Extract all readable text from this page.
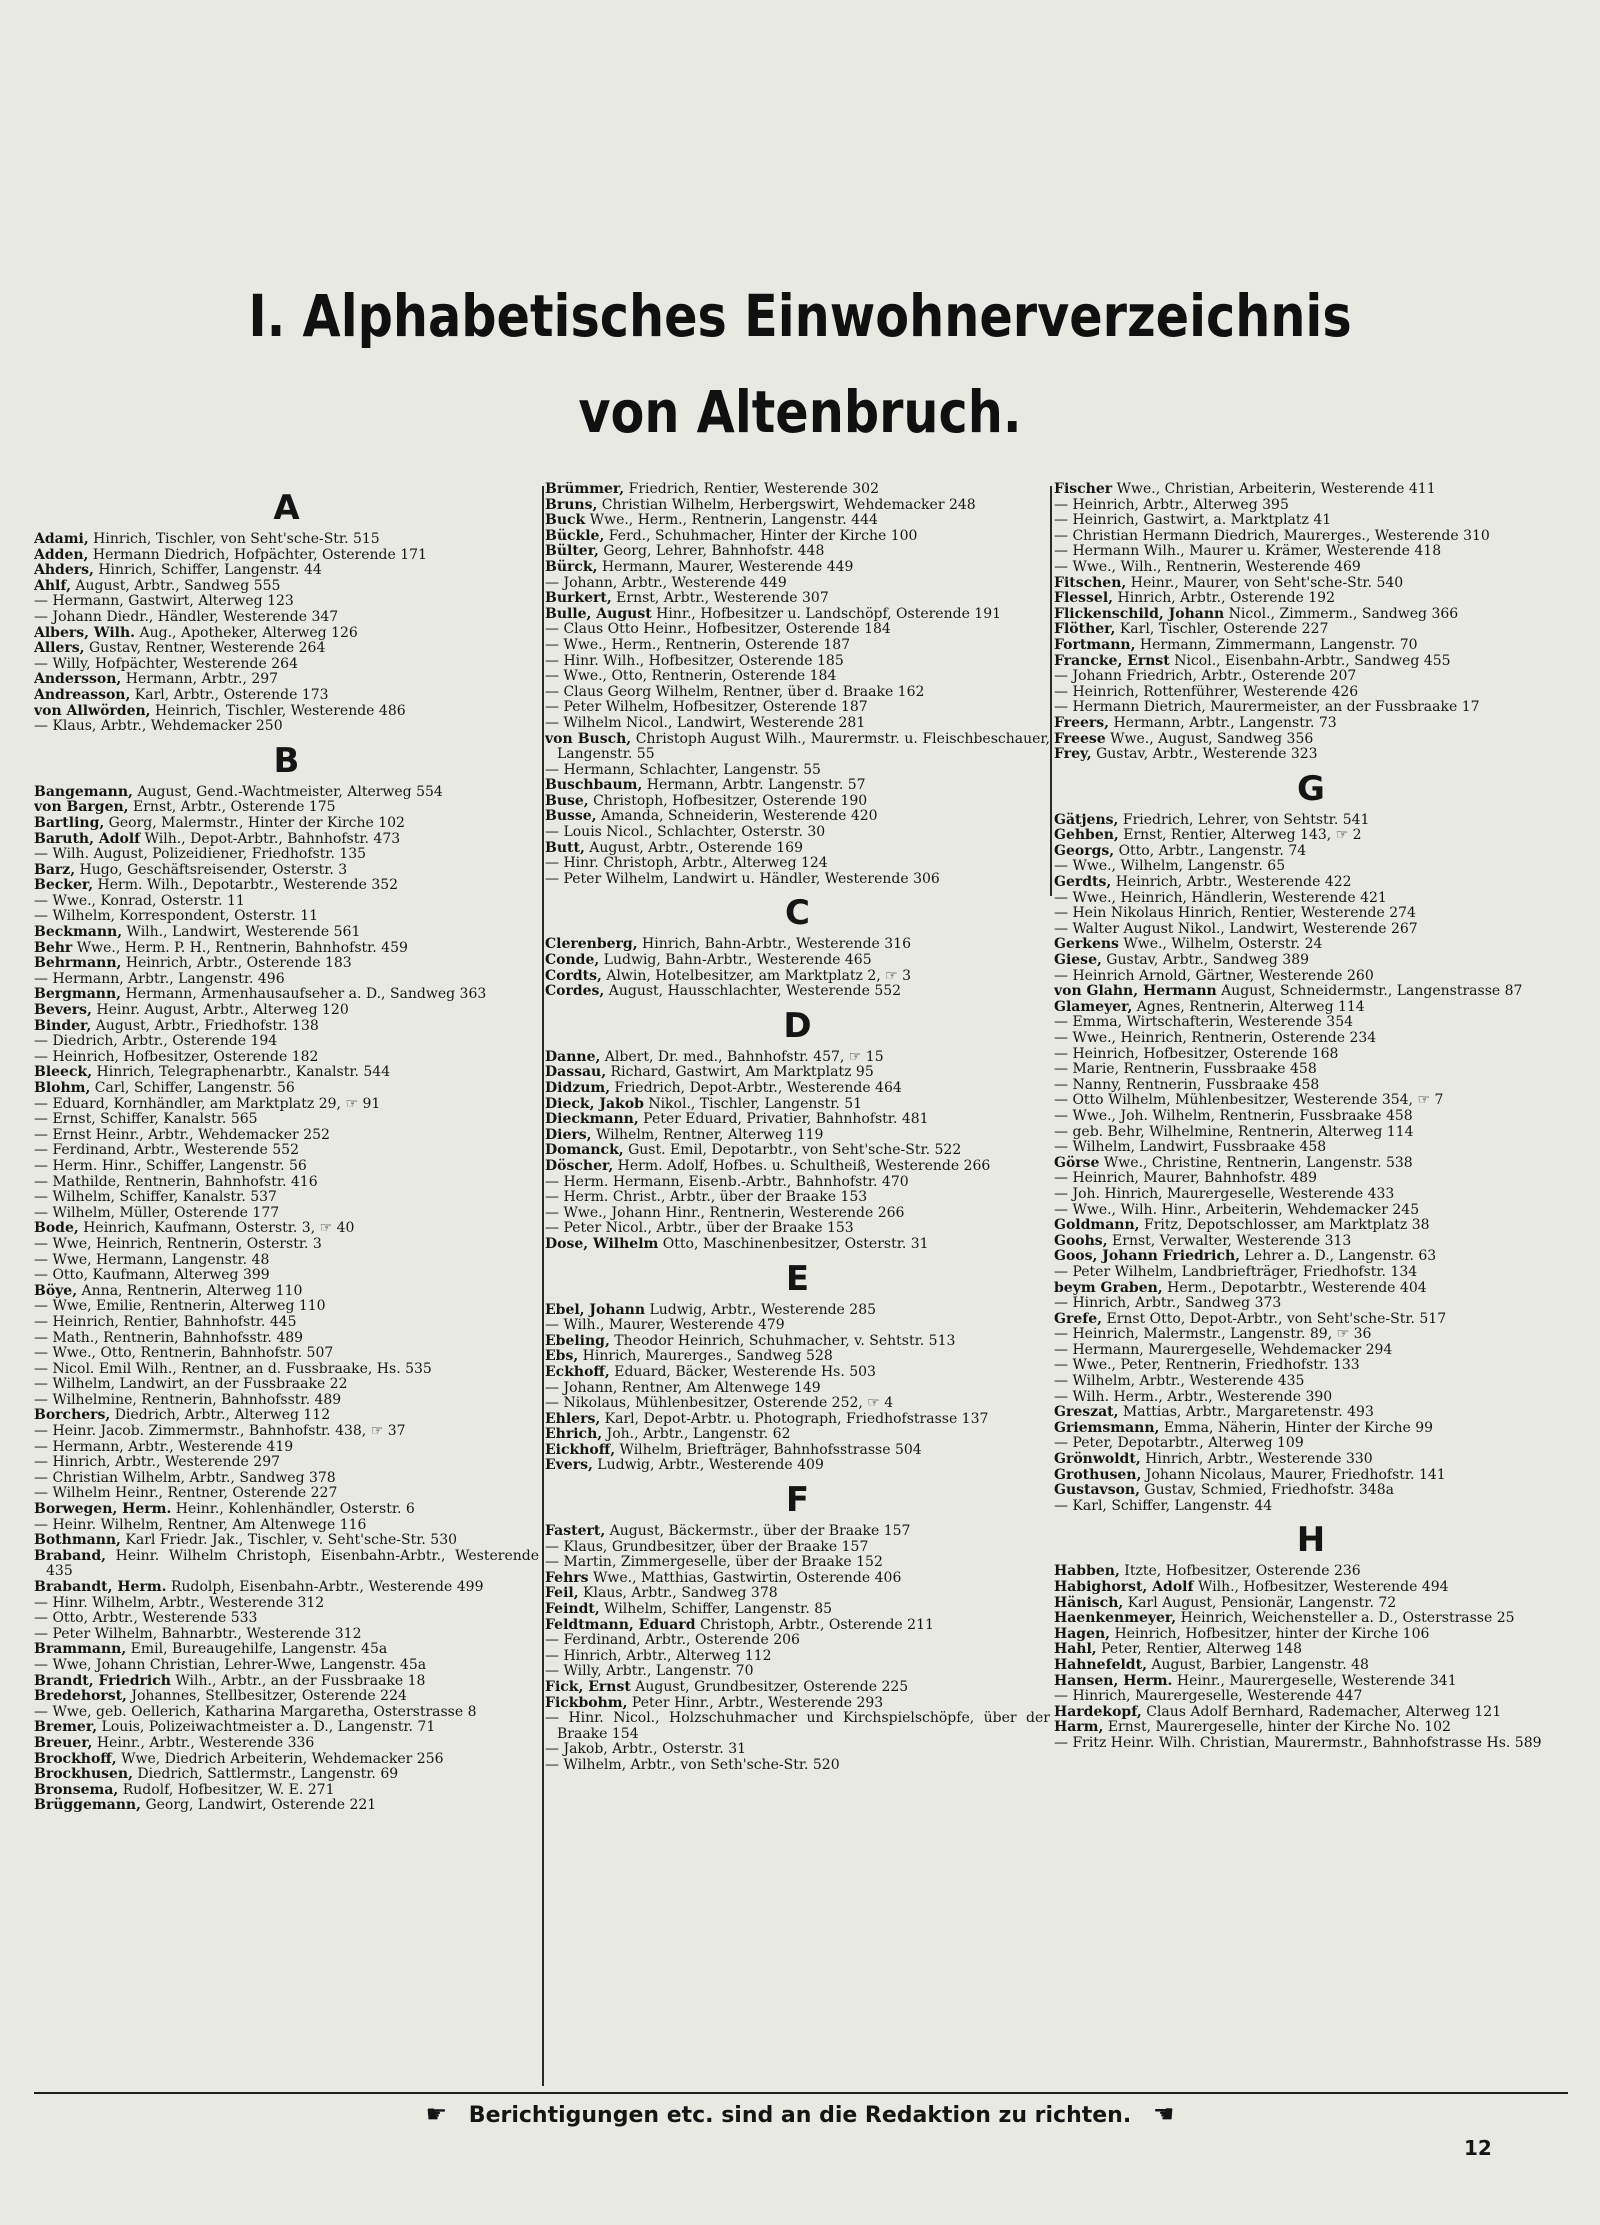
I. Alphabetisches Einwohnerverzeichnis
von Altenbruch.
A

Adami, Hinrich, Tischler, von Seht'sche-Str. 515

Adden, Hermann Diedrich, Hofpächter, Osterende 171

Ahders, Hinrich, Schiffer, Langenstr. 44

Ahlf, August, Arbtr., Sandweg 555

— Hermann, Gastwirt, Alterweg 123

— Johann Diedr., Händler, Westerende 347

Albers, Wilh. Aug., Apotheker, Alterweg 126

Allers, Gustav, Rentner, Westerende 264

— Willy, Hofpächter, Westerende 264

Andersson, Hermann, Arbtr., 297

Andreasson, Karl, Arbtr., Osterende 173

von Allwörden, Heinrich, Tischler, Westerende 486

— Klaus, Arbtr., Wehdemacker 250

B

Bangemann, August, Gend.-Wachtmeister, Alterweg 554

von Bargen, Ernst, Arbtr., Osterende 175

Bartling, Georg, Malermstr., Hinter der Kirche 102

Baruth, Adolf Wilh., Depot-Arbtr., Bahnhofstr. 473

— Wilh. August, Polizeidiener, Friedhofstr. 135

Barz, Hugo, Geschäftsreisender, Osterstr. 3

Becker, Herm. Wilh., Depotarbtr., Westerende 352

— Wwe., Konrad, Osterstr. 11

— Wilhelm, Korrespondent, Osterstr. 11

Beckmann, Wilh., Landwirt, Westerende 561

Behr Wwe., Herm. P. H., Rentnerin, Bahnhofstr. 459

Behrmann, Heinrich, Arbtr., Osterende 183

— Hermann, Arbtr., Langenstr. 496

Bergmann, Hermann, Armenhausaufseher a. D., Sandweg 363

Bevers, Heinr. August, Arbtr., Alterweg 120

Binder, August, Arbtr., Friedhofstr. 138

— Diedrich, Arbtr., Osterende 194

— Heinrich, Hofbesitzer, Osterende 182

Bleeck, Hinrich, Telegraphenarbtr., Kanalstr. 544

Blohm, Carl, Schiffer, Langenstr. 56

— Eduard, Kornhändler, am Marktplatz 29, ☞ 91

— Ernst, Schiffer, Kanalstr. 565

— Ernst Heinr., Arbtr., Wehdemacker 252

— Ferdinand, Arbtr., Westerende 552

— Herm. Hinr., Schiffer, Langenstr. 56

— Mathilde, Rentnerin, Bahnhofstr. 416

— Wilhelm, Schiffer, Kanalstr. 537

— Wilhelm, Müller, Osterende 177

Bode, Heinrich, Kaufmann, Osterstr. 3, ☞ 40

— Wwe, Heinrich, Rentnerin, Osterstr. 3

— Wwe, Hermann, Langenstr. 48

— Otto, Kaufmann, Alterweg 399

Böye, Anna, Rentnerin, Alterweg 110

— Wwe, Emilie, Rentnerin, Alterweg 110

— Heinrich, Rentier, Bahnhofstr. 445

— Math., Rentnerin, Bahnhofsstr. 489

— Wwe., Otto, Rentnerin, Bahnhofstr. 507

— Nicol. Emil Wilh., Rentner, an d. Fussbraake, Hs. 535

— Wilhelm, Landwirt, an der Fussbraake 22

— Wilhelmine, Rentnerin, Bahnhofsstr. 489

Borchers, Diedrich, Arbtr., Alterweg 112

— Heinr. Jacob. Zimmermstr., Bahnhofstr. 438, ☞ 37

— Hermann, Arbtr., Westerende 419

— Hinrich, Arbtr., Westerende 297

— Christian Wilhelm, Arbtr., Sandweg 378

— Wilhelm Heinr., Rentner, Osterende 227

Borwegen, Herm. Heinr., Kohlenhändler, Osterstr. 6

— Heinr. Wilhelm, Rentner, Am Altenwege 116

Bothmann, Karl Friedr. Jak., Tischler, v. Seht'sche-Str. 530

Braband, Heinr. Wilhelm Christoph, Eisenbahn-Arbtr., Westerende 435

Brabandt, Herm. Rudolph, Eisenbahn-Arbtr., Westerende 499

— Hinr. Wilhelm, Arbtr., Westerende 312

— Otto, Arbtr., Westerende 533

— Peter Wilhelm, Bahnarbtr., Westerende 312

Brammann, Emil, Bureaugehilfe, Langenstr. 45a

— Wwe, Johann Christian, Lehrer-Wwe, Langenstr. 45a

Brandt, Friedrich Wilh., Arbtr., an der Fussbraake 18

Bredehorst, Johannes, Stellbesitzer, Osterende 224

— Wwe, geb. Oellerich, Katharina Margaretha, Osterstrasse 8

Bremer, Louis, Polizeiwachtmeister a. D., Langenstr. 71

Breuer, Heinr., Arbtr., Westerende 336

Brockhoff, Wwe, Diedrich Arbeiterin, Wehdemacker 256

Brockhusen, Diedrich, Sattlermstr., Langenstr. 69

Bronsema, Rudolf, Hofbesitzer, W. E. 271

Brüggemann, Georg, Landwirt, Osterende 221

Brümmer, Friedrich, Rentier, Westerende 302

Bruns, Christian Wilhelm, Herbergswirt, Wehdemacker 248

Buck Wwe., Herm., Rentnerin, Langenstr. 444

Bückle, Ferd., Schuhmacher, Hinter der Kirche 100

Bülter, Georg, Lehrer, Bahnhofstr. 448

Bürck, Hermann, Maurer, Westerende 449

— Johann, Arbtr., Westerende 449

Burkert, Ernst, Arbtr., Westerende 307

Bulle, August Hinr., Hofbesitzer u. Landschöpf, Osterende 191

— Claus Otto Heinr., Hofbesitzer, Osterende 184

— Wwe., Herm., Rentnerin, Osterende 187

— Hinr. Wilh., Hofbesitzer, Osterende 185

— Wwe., Otto, Rentnerin, Osterende 184

— Claus Georg Wilhelm, Rentner, über d. Braake 162

— Peter Wilhelm, Hofbesitzer, Osterende 187

— Wilhelm Nicol., Landwirt, Westerende 281

von Busch, Christoph August Wilh., Maurermstr. u. Fleischbeschauer, Langenstr. 55

— Hermann, Schlachter, Langenstr. 55

Buschbaum, Hermann, Arbtr. Langenstr. 57

Buse, Christoph, Hofbesitzer, Osterende 190

Busse, Amanda, Schneiderin, Westerende 420

— Louis Nicol., Schlachter, Osterstr. 30

Butt, August, Arbtr., Osterende 169

— Hinr. Christoph, Arbtr., Alterweg 124

— Peter Wilhelm, Landwirt u. Händler, Westerende 306

C

Clerenberg, Hinrich, Bahn-Arbtr., Westerende 316

Conde, Ludwig, Bahn-Arbtr., Westerende 465

Cordts, Alwin, Hotelbesitzer, am Marktplatz 2, ☞ 3

Cordes, August, Hausschlachter, Westerende 552

D

Danne, Albert, Dr. med., Bahnhofstr. 457, ☞ 15

Dassau, Richard, Gastwirt, Am Marktplatz 95

Didzum, Friedrich, Depot-Arbtr., Westerende 464

Dieck, Jakob Nikol., Tischler, Langenstr. 51

Dieckmann, Peter Eduard, Privatier, Bahnhofstr. 481

Diers, Wilhelm, Rentner, Alterweg 119

Domanck, Gust. Emil, Depotarbtr., von Seht'sche-Str. 522

Döscher, Herm. Adolf, Hofbes. u. Schultheiß, Westerende 266

— Herm. Hermann, Eisenb.-Arbtr., Bahnhofstr. 470

— Herm. Christ., Arbtr., über der Braake 153

— Wwe., Johann Hinr., Rentnerin, Westerende 266

— Peter Nicol., Arbtr., über der Braake 153

Dose, Wilhelm Otto, Maschinenbesitzer, Osterstr. 31

E

Ebel, Johann Ludwig, Arbtr., Westerende 285

— Wilh., Maurer, Westerende 479

Ebeling, Theodor Heinrich, Schuhmacher, v. Sehtstr. 513

Ebs, Hinrich, Maurerges., Sandweg 528

Eckhoff, Eduard, Bäcker, Westerende Hs. 503

— Johann, Rentner, Am Altenwege 149

— Nikolaus, Mühlenbesitzer, Osterende 252, ☞ 4

Ehlers, Karl, Depot-Arbtr. u. Photograph, Friedhofstrasse 137

Ehrich, Joh., Arbtr., Langenstr. 62

Eickhoff, Wilhelm, Briefträger, Bahnhofsstrasse 504

Evers, Ludwig, Arbtr., Westerende 409

F

Fastert, August, Bäckermstr., über der Braake 157

— Klaus, Grundbesitzer, über der Braake 157

— Martin, Zimmergeselle, über der Braake 152

Fehrs Wwe., Matthias, Gastwirtin, Osterende 406

Feil, Klaus, Arbtr., Sandweg 378

Feindt, Wilhelm, Schiffer, Langenstr. 85

Feldtmann, Eduard Christoph, Arbtr., Osterende 211

— Ferdinand, Arbtr., Osterende 206

— Hinrich, Arbtr., Alterweg 112

— Willy, Arbtr., Langenstr. 70

Fick, Ernst August, Grundbesitzer, Osterende 225

Fickbohm, Peter Hinr., Arbtr., Westerende 293

— Hinr. Nicol., Holzschuhmacher und Kirchspielschöpfe, über der Braake 154

— Jakob, Arbtr., Osterstr. 31

— Wilhelm, Arbtr., von Seth'sche-Str. 520

Fischer Wwe., Christian, Arbeiterin, Westerende 411

— Heinrich, Arbtr., Alterweg 395

— Heinrich, Gastwirt, a. Marktplatz 41

— Christian Hermann Diedrich, Maurerges., Westerende 310

— Hermann Wilh., Maurer u. Krämer, Westerende 418

— Wwe., Wilh., Rentnerin, Westerende 469

Fitschen, Heinr., Maurer, von Seht'sche-Str. 540

Flessel, Hinrich, Arbtr., Osterende 192

Flickenschild, Johann Nicol., Zimmerm., Sandweg 366

Flöther, Karl, Tischler, Osterende 227

Fortmann, Hermann, Zimmermann, Langenstr. 70

Francke, Ernst Nicol., Eisenbahn-Arbtr., Sandweg 455

— Johann Friedrich, Arbtr., Osterende 207

— Heinrich, Rottenführer, Westerende 426

— Hermann Dietrich, Maurermeister, an der Fussbraake 17

Freers, Hermann, Arbtr., Langenstr. 73

Freese Wwe., August, Sandweg 356

Frey, Gustav, Arbtr., Westerende 323

G

Gätjens, Friedrich, Lehrer, von Sehtstr. 541

Gehben, Ernst, Rentier, Alterweg 143, ☞ 2

Georgs, Otto, Arbtr., Langenstr. 74

— Wwe., Wilhelm, Langenstr. 65

Gerdts, Heinrich, Arbtr., Westerende 422

— Wwe., Heinrich, Händlerin, Westerende 421

— Hein Nikolaus Hinrich, Rentier, Westerende 274

— Walter August Nikol., Landwirt, Westerende 267

Gerkens Wwe., Wilhelm, Osterstr. 24

Giese, Gustav, Arbtr., Sandweg 389

— Heinrich Arnold, Gärtner, Westerende 260

von Glahn, Hermann August, Schneidermstr., Langenstrasse 87

Glameyer, Agnes, Rentnerin, Alterweg 114

— Emma, Wirtschafterin, Westerende 354

— Wwe., Heinrich, Rentnerin, Osterende 234

— Heinrich, Hofbesitzer, Osterende 168

— Marie, Rentnerin, Fussbraake 458

— Nanny, Rentnerin, Fussbraake 458

— Otto Wilhelm, Mühlenbesitzer, Westerende 354, ☞ 7

— Wwe., Joh. Wilhelm, Rentnerin, Fussbraake 458

— geb. Behr, Wilhelmine, Rentnerin, Alterweg 114

— Wilhelm, Landwirt, Fussbraake 458

Görse Wwe., Christine, Rentnerin, Langenstr. 538

— Heinrich, Maurer, Bahnhofstr. 489

— Joh. Hinrich, Maurergeselle, Westerende 433

— Wwe., Wilh. Hinr., Arbeiterin, Wehdemacker 245

Goldmann, Fritz, Depotschlosser, am Marktplatz 38

Goohs, Ernst, Verwalter, Westerende 313

Goos, Johann Friedrich, Lehrer a. D., Langenstr. 63

— Peter Wilhelm, Landbriefträger, Friedhofstr. 134

beym Graben, Herm., Depotarbtr., Westerende 404

— Hinrich, Arbtr., Sandweg 373

Grefe, Ernst Otto, Depot-Arbtr., von Seht'sche-Str. 517

— Heinrich, Malermstr., Langenstr. 89, ☞ 36

— Hermann, Maurergeselle, Wehdemacker 294

— Wwe., Peter, Rentnerin, Friedhofstr. 133

— Wilhelm, Arbtr., Westerende 435

— Wilh. Herm., Arbtr., Westerende 390

Greszat, Mattias, Arbtr., Margaretenstr. 493

Griemsmann, Emma, Näherin, Hinter der Kirche 99

— Peter, Depotarbtr., Alterweg 109

Grönwoldt, Hinrich, Arbtr., Westerende 330

Grothusen, Johann Nicolaus, Maurer, Friedhofstr. 141

Gustavson, Gustav, Schmied, Friedhofstr. 348a

— Karl, Schiffer, Langenstr. 44

H

Habben, Itzte, Hofbesitzer, Osterende 236

Habighorst, Adolf Wilh., Hofbesitzer, Westerende 494

Hänisch, Karl August, Pensionär, Langenstr. 72

Haenkenmeyer, Heinrich, Weichensteller a. D., Osterstrasse 25

Hagen, Heinrich, Hofbesitzer, hinter der Kirche 106

Hahl, Peter, Rentier, Alterweg 148

Hahnefeldt, August, Barbier, Langenstr. 48

Hansen, Herm. Heinr., Maurergeselle, Westerende 341

— Hinrich, Maurergeselle, Westerende 447

Hardekopf, Claus Adolf Bernhard, Rademacher, Alterweg 121

Harm, Ernst, Maurergeselle, hinter der Kirche No. 102

— Fritz Heinr. Wilh. Christian, Maurermstr., Bahnhofstrasse Hs. 589

☛ Berichtigungen etc. sind an die Redaktion zu richten. ☚
12
